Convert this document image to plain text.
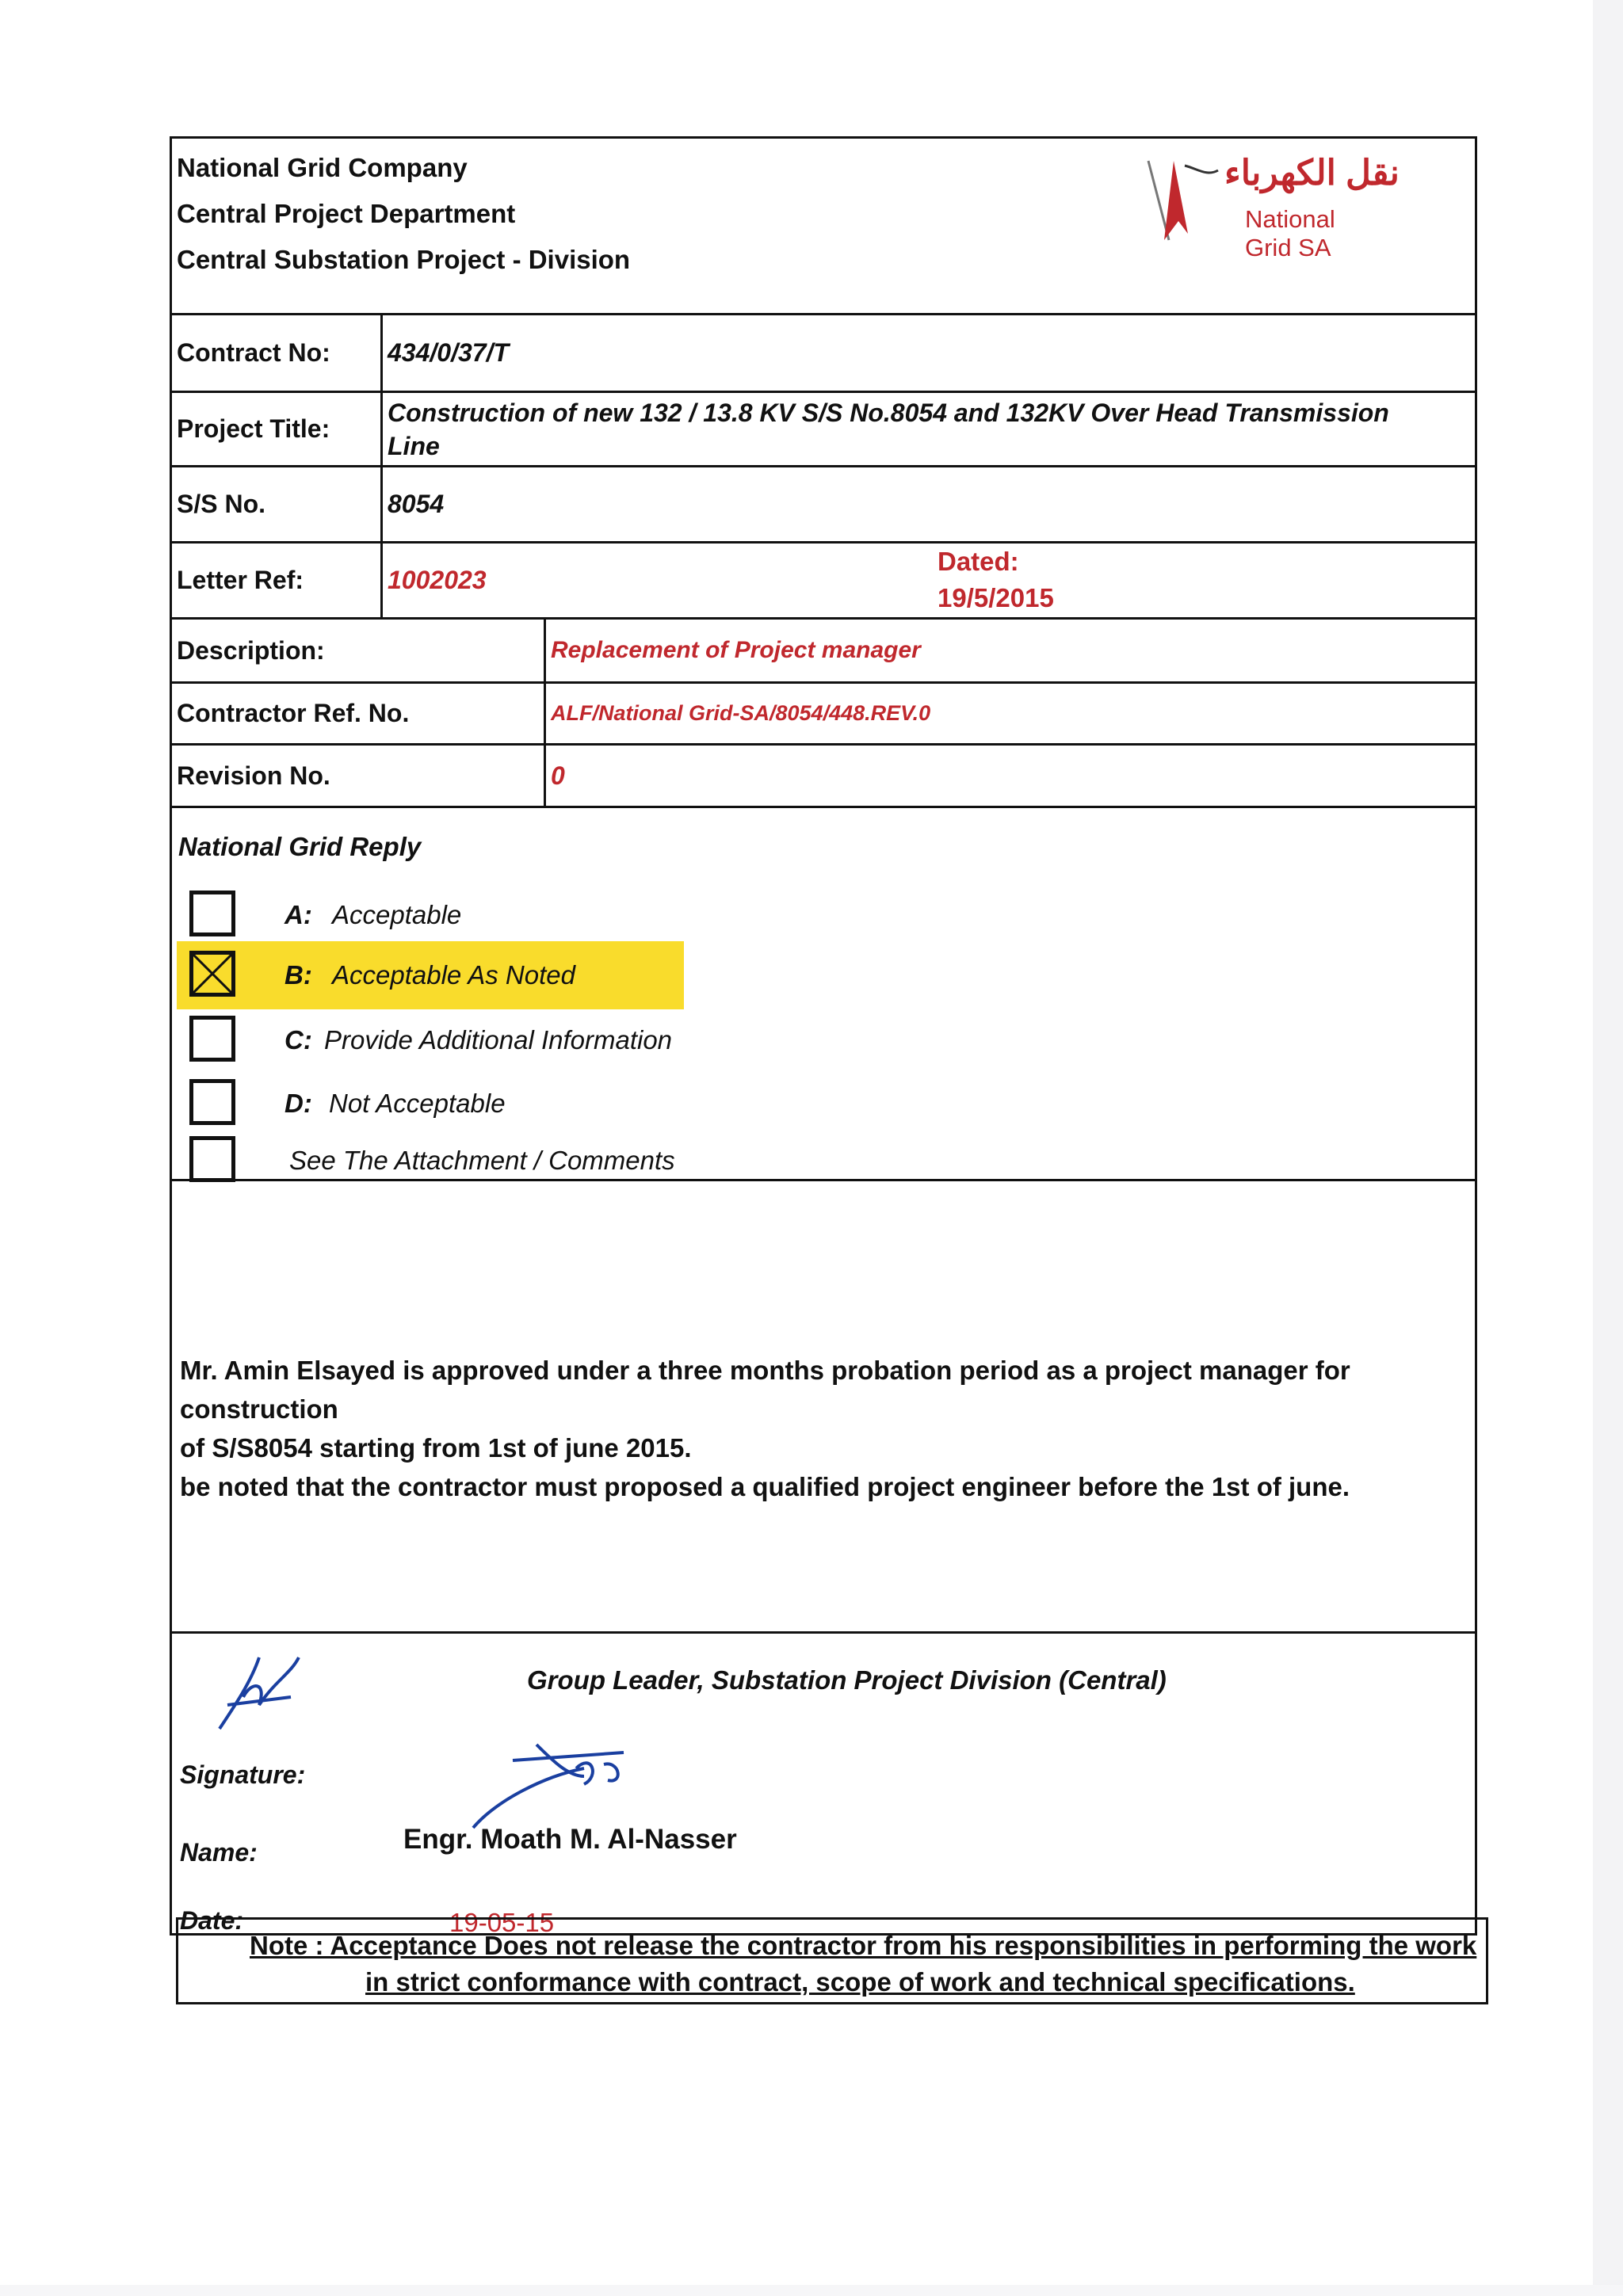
National Grid Company
Central Project Department
Central Substation Project - Division
نقل الكهرباء
National Grid SA
Contract No:	434/0/37/T
Project Title:
Construction of new 132 / 13.8 KV S/S No.8054 and 132KV Over Head Transmission
Line
S/S No.	8054
Letter Ref:	1002023
Dated:
19/5/2015
Description:	Replacement of Project manager
Contractor Ref. No.	ALF/National Grid-SA/8054/448.REV.0
Revision No.	0
National Grid Reply
A: Acceptable
B: Acceptable As Noted
C: Provide Additional Information
D: Not Acceptable
See The Attachment / Comments
Mr. Amin Elsayed is approved under a three months probation period as a project manager for construction
of S/S8054 starting from 1st of june 2015.
be noted that the contractor must proposed a qualified project engineer before the 1st of june.
Group Leader, Substation Project Division (Central)
Signature:
Name:	Engr. Moath M. Al-Nasser
Date:	19-05-15
Note : Acceptance Does not release the contractor from his responsibilities in performing the work
in strict conformance with contract, scope of work and technical specifications.
